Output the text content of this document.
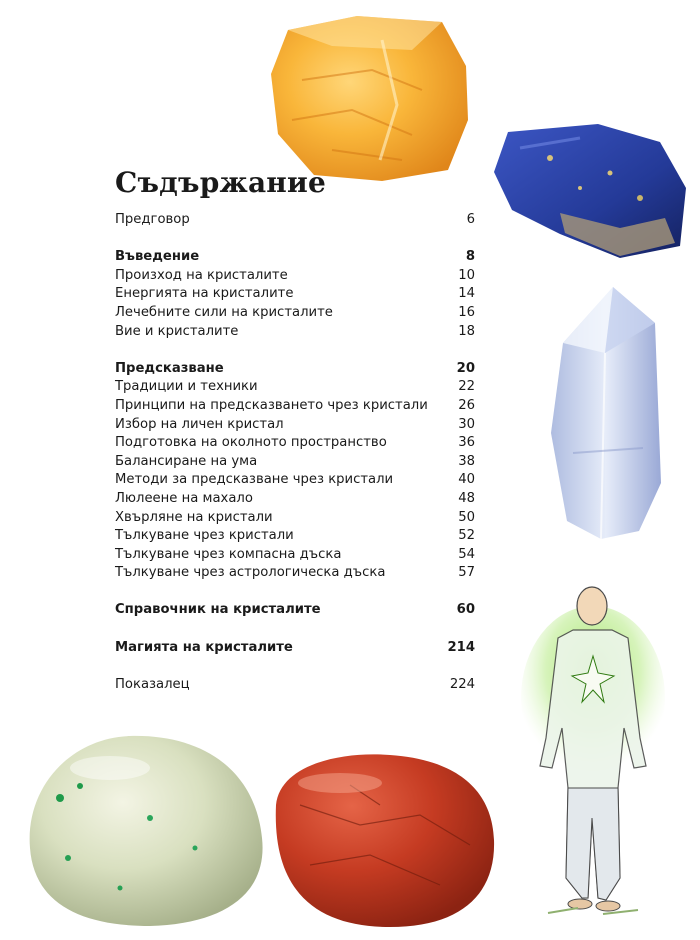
Съдържание
Предговор	6
Въведение	8
Произход на кристалите	10
Енергията на кристалите	14
Лечебните сили на кристалите	16
Вие и кристалите	18
Предсказване	20
Традиции и техники	22
Принципи на предсказването чрез кристали 26
Избор на личен кристал	30
Подготовка на околното пространство	36
Балансиране на ума	38
Методи за предсказване чрез кристали	40
Люлеене на махало	48
Хвърляне на кристали	50
Тълкуване чрез кристали	52
Тълкуване чрез компасна дъска	54
Тълкуване чрез астрологическа дъска	57
Справочник на кристалите	60
Магията на кристалите	214
Показалец	224
